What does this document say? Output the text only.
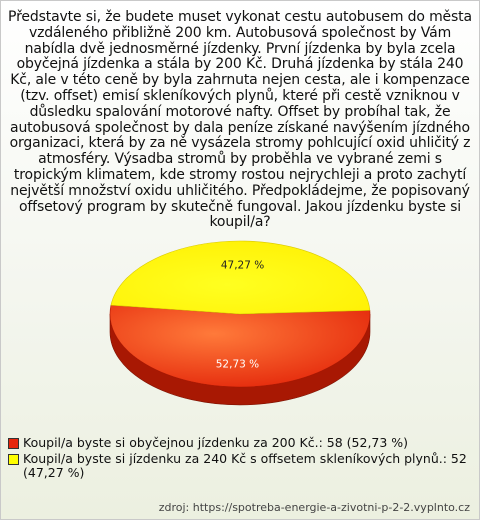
Představte si, že budete muset vykonat cestu autobusem do města vzdáleného přibližně 200 km. Autobusová společnost by Vám nabídla dvě jednosměrné jízdenky. První jízdenka by byla zcela obyčejná jízdenka a stála by 200 Kč. Druhá jízdenka by stála 240 Kč, ale v této ceně by byla zahrnuta nejen cesta, ale i kompenzace (tzv. offset) emisí skleníkových plynů, které při cestě vzniknou v důsledku spalování motorové nafty. Offset by probíhal tak, že autobusová společnost by dala peníze získané navýšením jízdného organizaci, která by za ně vysázela stromy pohlcující oxid uhličitý z atmosféry. Výsadba stromů by proběhla ve vybrané zemi s tropickým klimatem, kde stromy rostou nejrychleji a proto zachytí největší množství oxidu uhličitého. Předpokládejme, že popisovaný offsetový program by skutečně fungoval. Jakou jízdenku byste si koupil/a?
52,73 %
47,27 %
Koupil/a byste si obyčejnou jízdenku za 200 Kč.: 58 (52,73 %)
Koupil/a byste si jízdenku za 240 Kč s offsetem skleníkových plynů.: 52 (47,27 %)
zdroj: https://spotreba-energie-a-zivotni-p-2-2.vyplnto.cz
